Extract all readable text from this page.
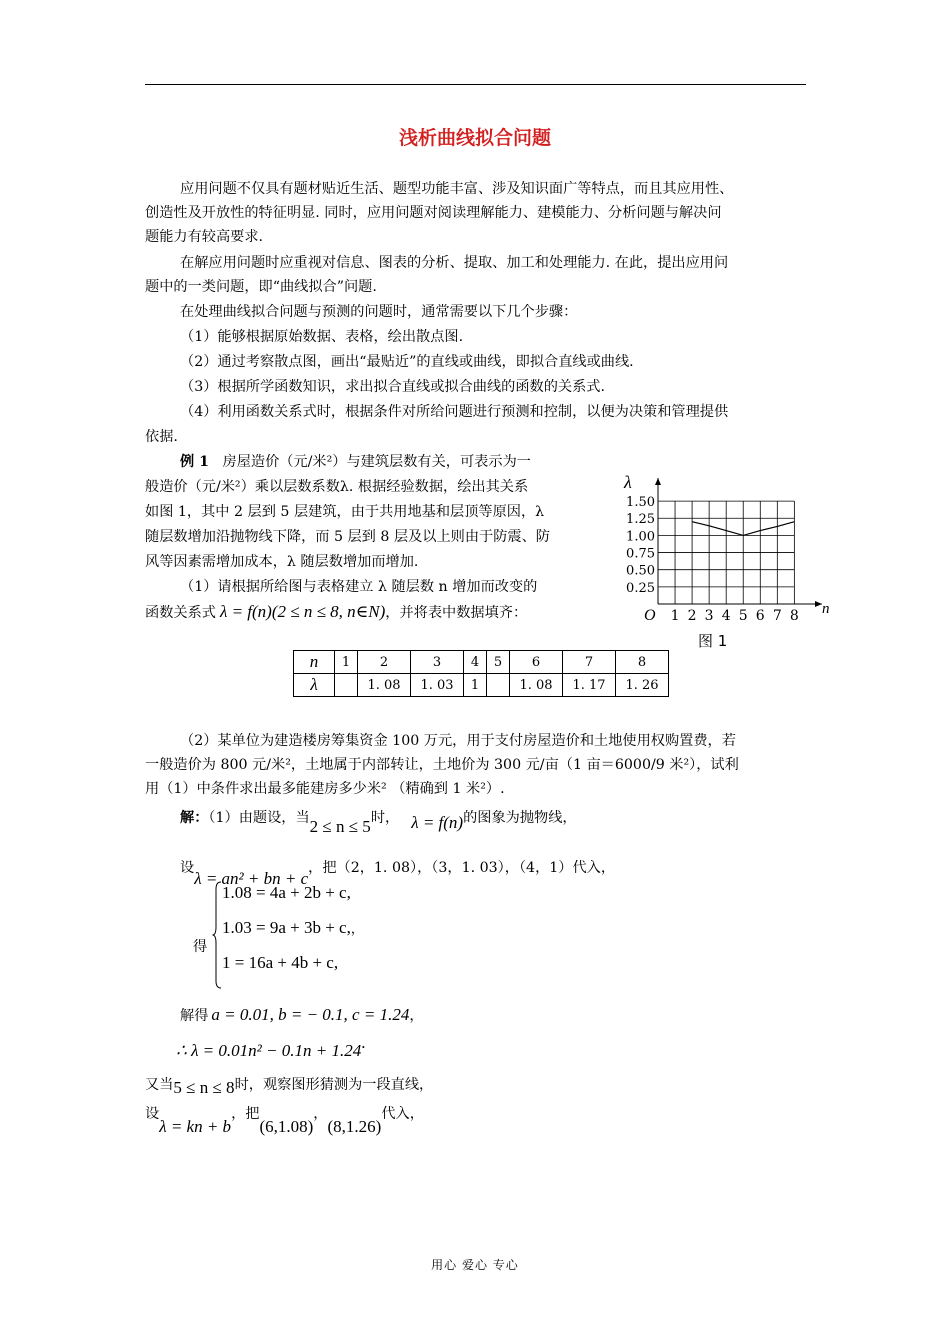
浅析曲线拟合问题
应用问题不仅具有题材贴近生活、题型功能丰富、涉及知识面广等特点，而且其应用性、
创造性及开放性的特征明显. 同时，应用问题对阅读理解能力、建模能力、分析问题与解决问
题能力有较高要求.
在解应用问题时应重视对信息、图表的分析、提取、加工和处理能力. 在此，提出应用问
题中的一类问题，即“曲线拟合”问题.
在处理曲线拟合问题与预测的问题时，通常需要以下几个步骤：
（1）能够根据原始数据、表格，绘出散点图.
（2）通过考察散点图，画出“最贴近”的直线或曲线，即拟合直线或曲线.
（3）根据所学函数知识，求出拟合直线或拟合曲线的函数的关系式.
（4）利用函数关系式时，根据条件对所给问题进行预测和控制，以便为决策和管理提供
依据.
例 1 房屋造价（元/米²）与建筑层数有关，可表示为一
般造价（元/米²）乘以层数系数λ. 根据经验数据，绘出其关系
如图 1，其中 2 层到 5 层建筑，由于共用地基和层顶等原因，λ
随层数增加沿抛物线下降，而 5 层到 8 层及以上则由于防震、防
风等因素需增加成本，λ 随层数增加而增加.
（1）请根据所给图与表格建立 λ 随层数 n 增加而改变的
函数关系式 λ = f(n)(2 ≤ n ≤ 8, n∈N)，并将表中数据填齐：
0.25
0.50
0.75
1.00
1.25
1.50
1 2 3 4 5 6 7 8
λ
n
O
图 1
n	1	2	3	4	5	6	7	8
λ		1. 08	1. 03	1		1. 08	1. 17	1. 26
（2）某单位为建造楼房筹集资金 100 万元，用于支付房屋造价和土地使用权购置费，若
一般造价为 800 元/米²，土地属于内部转让，土地价为 300 元/亩（1 亩＝6000/9 米²），试利
用（1）中条件求出最多能建房多少米² （精确到 1 米²）.
解：（1）由题设，当2 ≤ n ≤ 5时， λ = f(n)的图象为抛物线，
设λ = an² + bn + c，把（2，1. 08），（3，1. 03），（4，1）代入，
得
1.08 = 4a + 2b + c,
1.03 = 9a + 3b + c,，
1 = 16a + 4b + c,
解得 a = 0.01, b = − 0.1, c = 1.24，
∴ λ = 0.01n² − 0.1n + 1.24.
又当5 ≤ n ≤ 8时，观察图形猜测为一段直线，
设λ = kn + b，把(6,1.08)，(8,1.26)代入，
用心 爱心 专心
